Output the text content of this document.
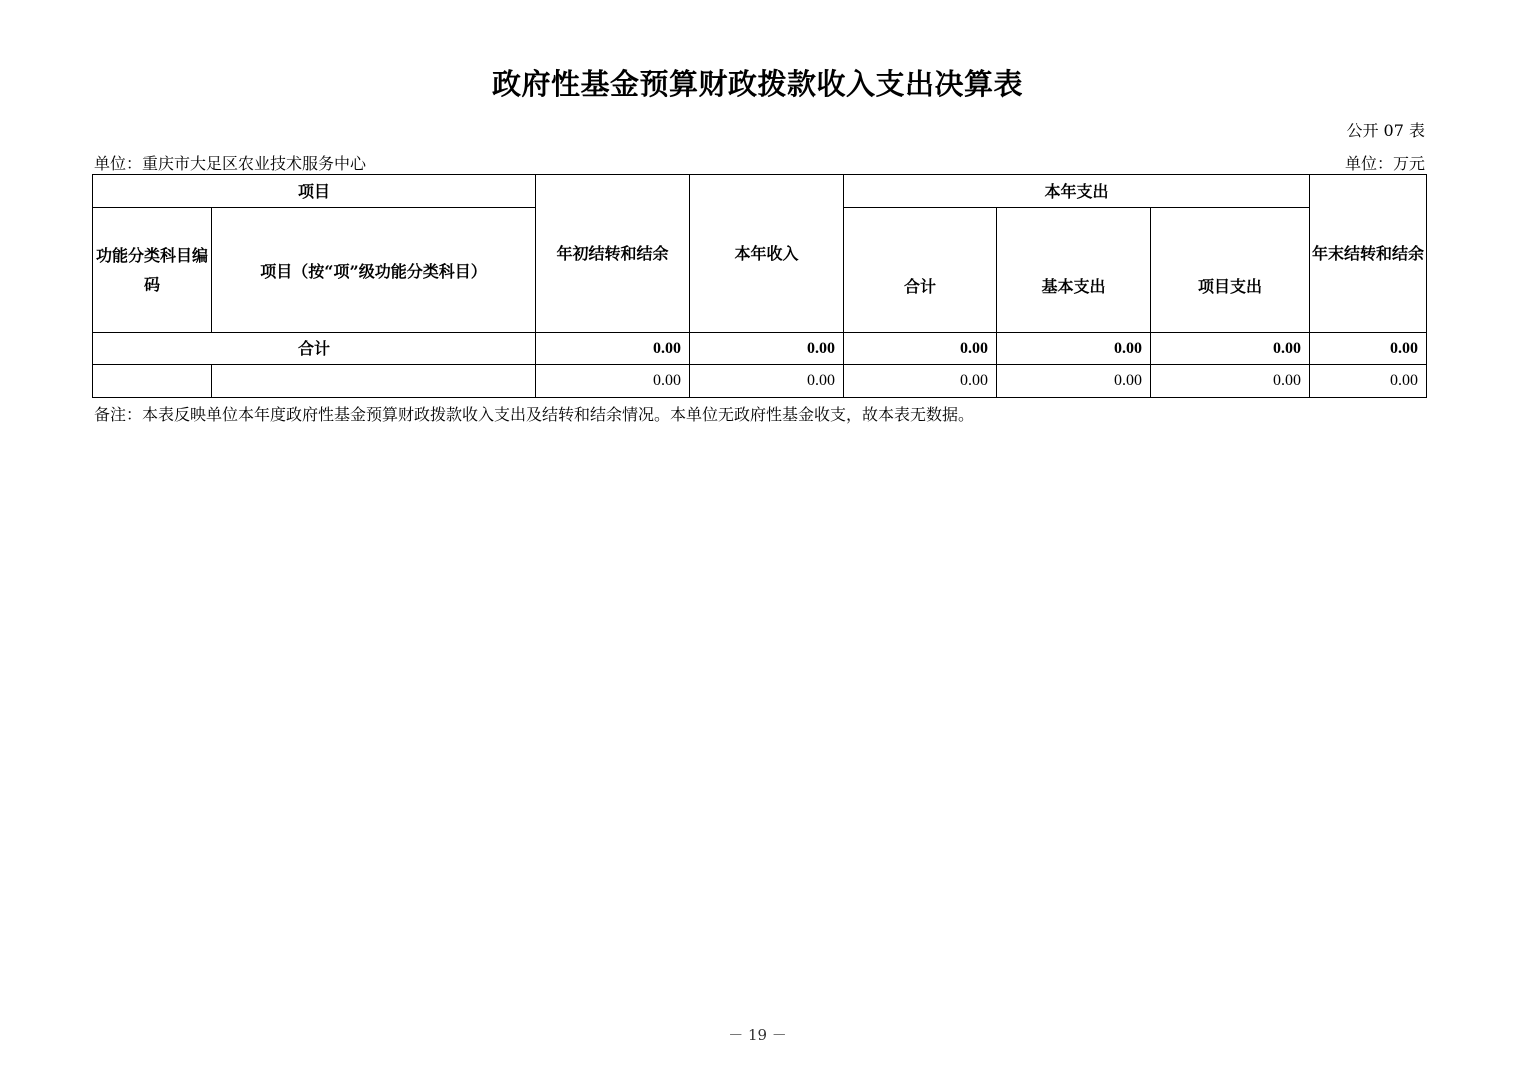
政府性基金预算财政拨款收入支出决算表
公开 07 表
单位：重庆市大足区农业技术服务中心	单位：万元
项目		年初结转和结余	本年收入	本年支出			年末结转和结余
功能分类科目编码	项目（按“项”级功能分类科目）			合计	基本支出	项目支出	
合计		0.00	0.00	0.00	0.00	0.00	0.00
		0.00	0.00	0.00	0.00	0.00	0.00
备注：本表反映单位本年度政府性基金预算财政拨款收入支出及结转和结余情况。本单位无政府性基金收支，故本表无数据。
－ 19 －
